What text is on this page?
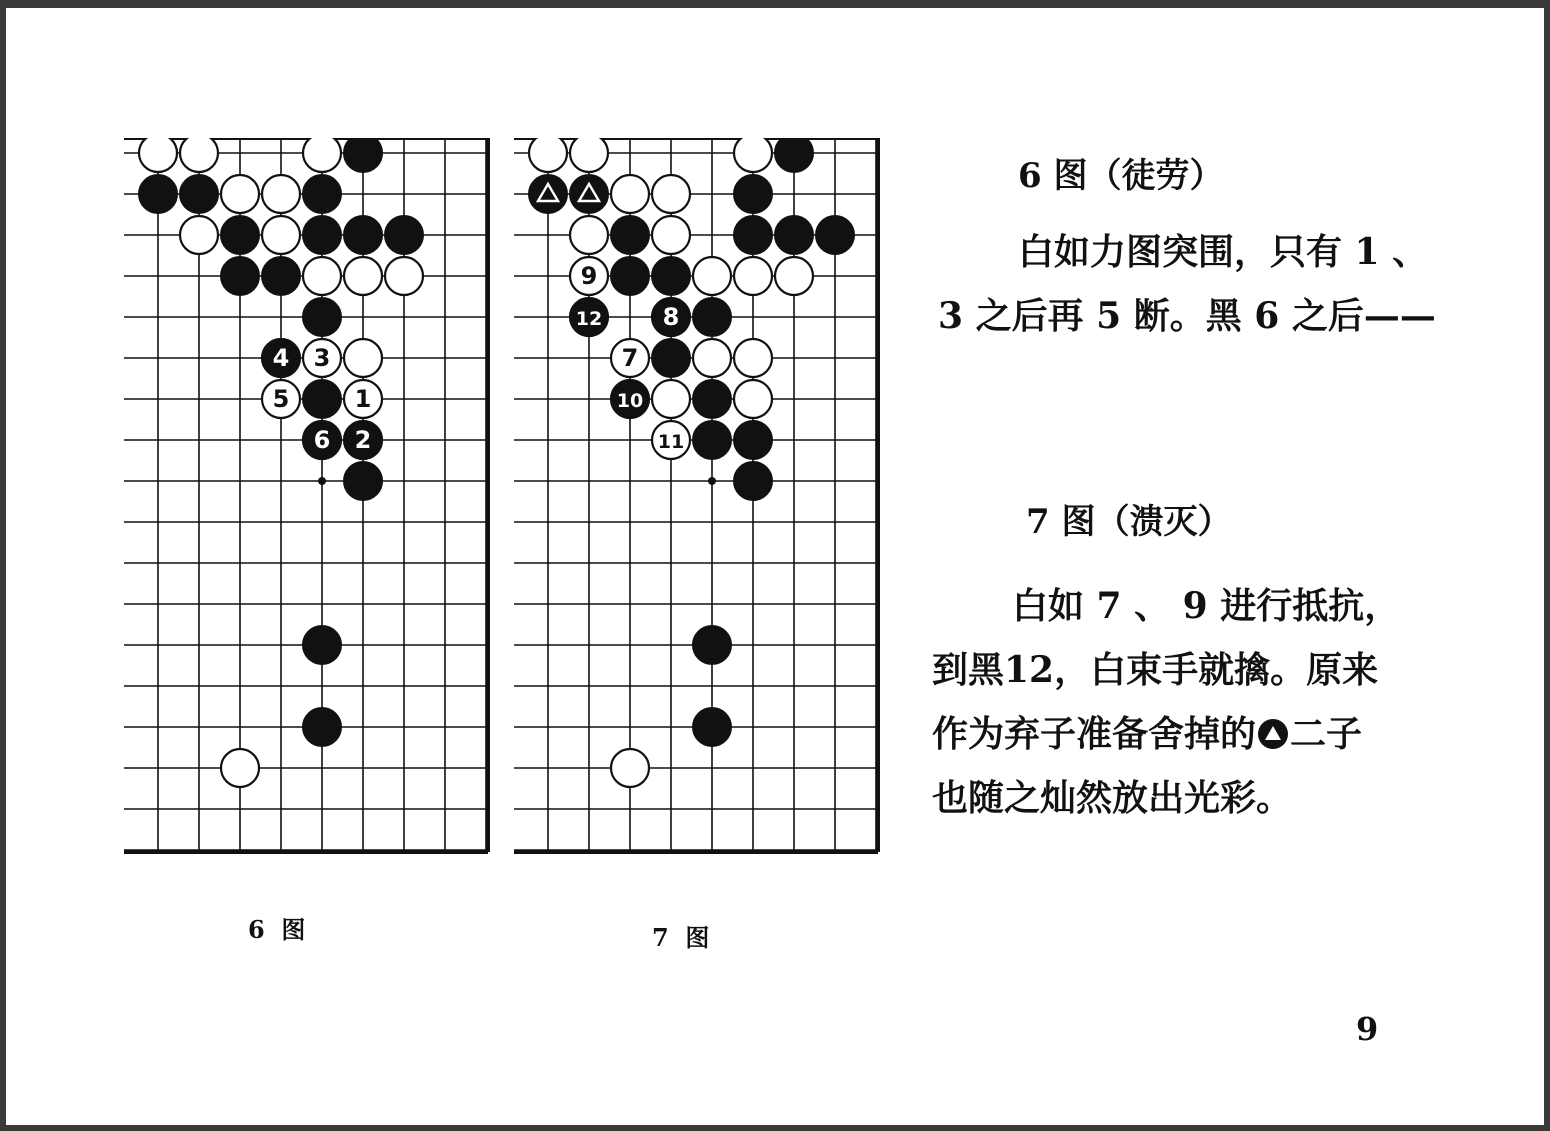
1
2
3
4
5
6
6  图
7
8
9
10
11
12
7  图
6 图（徒劳）
白如力图突围，只有 1 、
3 之后再 5 断。黑 6 之后——
7 图（溃灭）
白如 7 、 9 进行抵抗，
到黑12，白束手就擒。原来
作为弃子准备舍掉的 二子
也随之灿然放出光彩。
9
